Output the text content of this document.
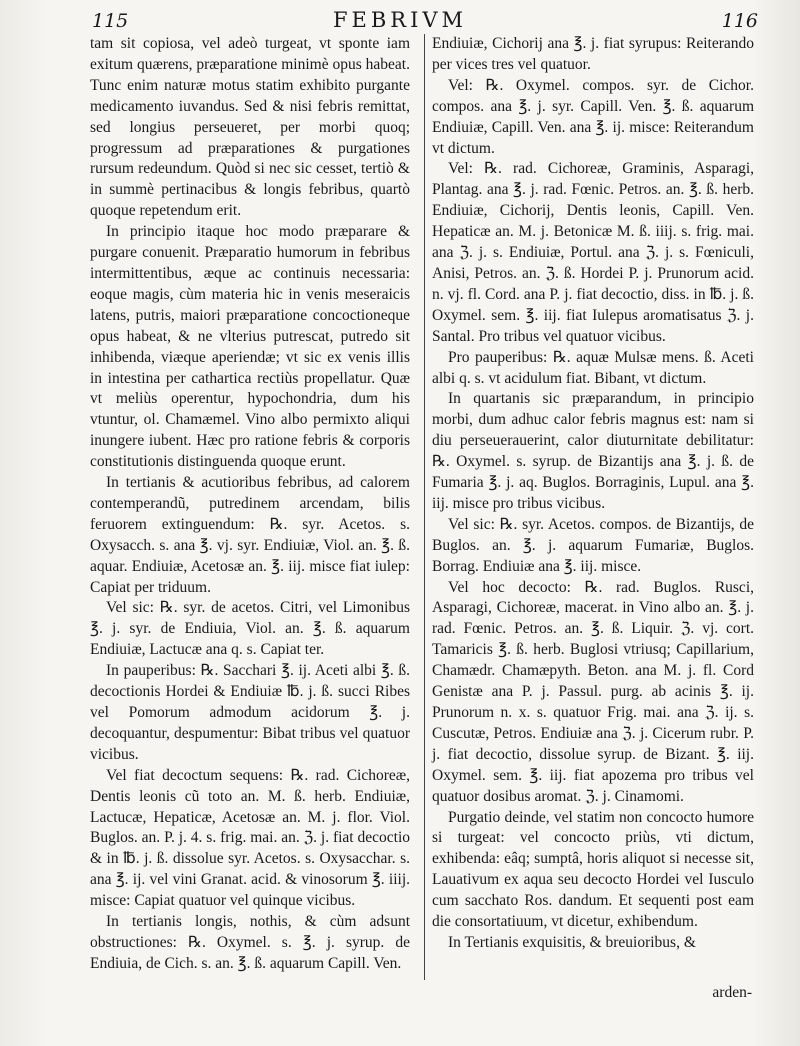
115	FEBRIVM	116

tam sit copiosa, vel adeò turgeat, vt sponte iam exitum quærens, præparatione minimè opus habeat. Tunc enim naturæ motus statim exhibito purgante medicamento iuvandus. Sed & nisi febris remittat, sed longius perseueret, per morbi quoq; progressum ad præparationes & purgationes rursum redeundum. Quòd si nec sic cesset, tertiò & in summè pertinacibus & longis febribus, quartò quoque repetendum erit.

In principio itaque hoc modo præparare & purgare conuenit. Præparatio humorum in febribus intermittentibus, æque ac continuis necessaria: eoque magis, cùm materia hic in venis meseraicis latens, putris, maiori præparatione concoctioneque opus habeat, & ne vlterius putrescat, putredo sit inhibenda, viæque aperiendæ; vt sic ex venis illis in intestina per cathartica rectiùs propellatur. Quæ vt meliùs operentur, hypochondria, dum his vtuntur, ol. Chamæmel. Vino albo permixto aliqui inungere iubent. Hæc pro ratione febris & corporis constitutionis distinguenda quoque erunt.

In tertianis & acutioribus febribus, ad calorem contemperandũ, putredinem arcendam, bilis feruorem extinguendum: ℞. syr. Acetos. s. Oxysacch. s. ana ℥. vj. syr. Endiuiæ, Viol. an. ℥. ß. aquar. Endiuiæ, Acetosæ an. ℥. iij. misce fiat iulep: Capiat per triduum.

Vel sic: ℞. syr. de acetos. Citri, vel Limonibus ℥. j. syr. de Endiuia, Viol. an. ℥. ß. aquarum Endiuiæ, Lactucæ ana q. s. Capiat ter.

In pauperibus: ℞. Sacchari ℥. ij. Aceti albi ℥. ß. decoctionis Hordei & Endiuiæ ℔. j. ß. succi Ribes vel Pomorum admodum acidorum ℥. j. decoquantur, despumentur: Bibat tribus vel quatuor vicibus.

Vel fiat decoctum sequens: ℞. rad. Cichoreæ, Dentis leonis cũ toto an. M. ß. herb. Endiuiæ, Lactucæ, Hepaticæ, Acetosæ an. M. j. flor. Viol. Buglos. an. P. j. 4. s. frig. mai. an. ℨ. j. fiat decoctio & in ℔. j. ß. dissolue syr. Acetos. s. Oxysacchar. s. ana ℥. ij. vel vini Granat. acid. & vinosorum ℥. iiij. misce: Capiat quatuor vel quinque vicibus.

In tertianis longis, nothis, & cùm adsunt obstructiones: ℞. Oxymel. s. ℥. j. syrup. de Endiuia, de Cich. s. an. ℥. ß. aquarum Capill. Ven.

Endiuiæ, Cichorij ana ℥. j. fiat syrupus: Reiterando per vices tres vel quatuor.

Vel: ℞. Oxymel. compos. syr. de Cichor. compos. ana ℥. j. syr. Capill. Ven. ℥. ß. aquarum Endiuiæ, Capill. Ven. ana ℥. ij. misce: Reiterandum vt dictum.

Vel: ℞. rad. Cichoreæ, Graminis, Asparagi, Plantag. ana ℥. j. rad. Fœnic. Petros. an. ℥. ß. herb. Endiuiæ, Cichorij, Dentis leonis, Capill. Ven. Hepaticæ an. M. j. Betonicæ M. ß. iiij. s. frig. mai. ana ℨ. j. s. Endiuiæ, Portul. ana ℨ. j. s. Fœniculi, Anisi, Petros. an. ℨ. ß. Hordei P. j. Prunorum acid. n. vj. fl. Cord. ana P. j. fiat decoctio, diss. in ℔. j. ß. Oxymel. sem. ℥. iij. fiat Iulepus aromatisatus ℨ. j. Santal. Pro tribus vel quatuor vicibus.

Pro pauperibus: ℞. aquæ Mulsæ mens. ß. Aceti albi q. s. vt acidulum fiat. Bibant, vt dictum.

In quartanis sic præparandum, in principio morbi, dum adhuc calor febris magnus est: nam si diu perseuerauerint, calor diuturnitate debilitatur: ℞. Oxymel. s. syrup. de Bizantijs ana ℥. j. ß. de Fumaria ℥. j. aq. Buglos. Borraginis, Lupul. ana ℥. iij. misce pro tribus vicibus.

Vel sic: ℞. syr. Acetos. compos. de Bizantijs, de Buglos. an. ℥. j. aquarum Fumariæ, Buglos. Borrag. Endiuiæ ana ℥. iij. misce.

Vel hoc decocto: ℞. rad. Buglos. Rusci, Asparagi, Cichoreæ, macerat. in Vino albo an. ℥. j. rad. Fœnic. Petros. an. ℥. ß. Liquir. ℨ. vj. cort. Tamaricis ℥. ß. herb. Buglosi vtriusq; Capillarium, Chamædr. Chamæpyth. Beton. ana M. j. fl. Cord Genistæ ana P. j. Passul. purg. ab acinis ℥. ij. Prunorum n. x. s. quatuor Frig. mai. ana ℨ. ij. s. Cuscutæ, Petros. Endiuiæ ana ℨ. j. Cicerum rubr. P. j. fiat decoctio, dissolue syrup. de Bizant. ℥. iij. Oxymel. sem. ℥. iij. fiat apozema pro tribus vel quatuor dosibus aromat. ℨ. j. Cinamomi.

Purgatio deinde, vel statim non concocto humore si turgeat: vel concocto priùs, vti dictum, exhibenda: eâq; sumptâ, horis aliquot si necesse sit, Lauativum ex aqua seu decocto Hordei vel Iusculo cum sacchato Ros. dandum. Et sequenti post eam die consortatiuum, vt dicetur, exhibendum.

In Tertianis exquisitis, & breuioribus, &

arden-
